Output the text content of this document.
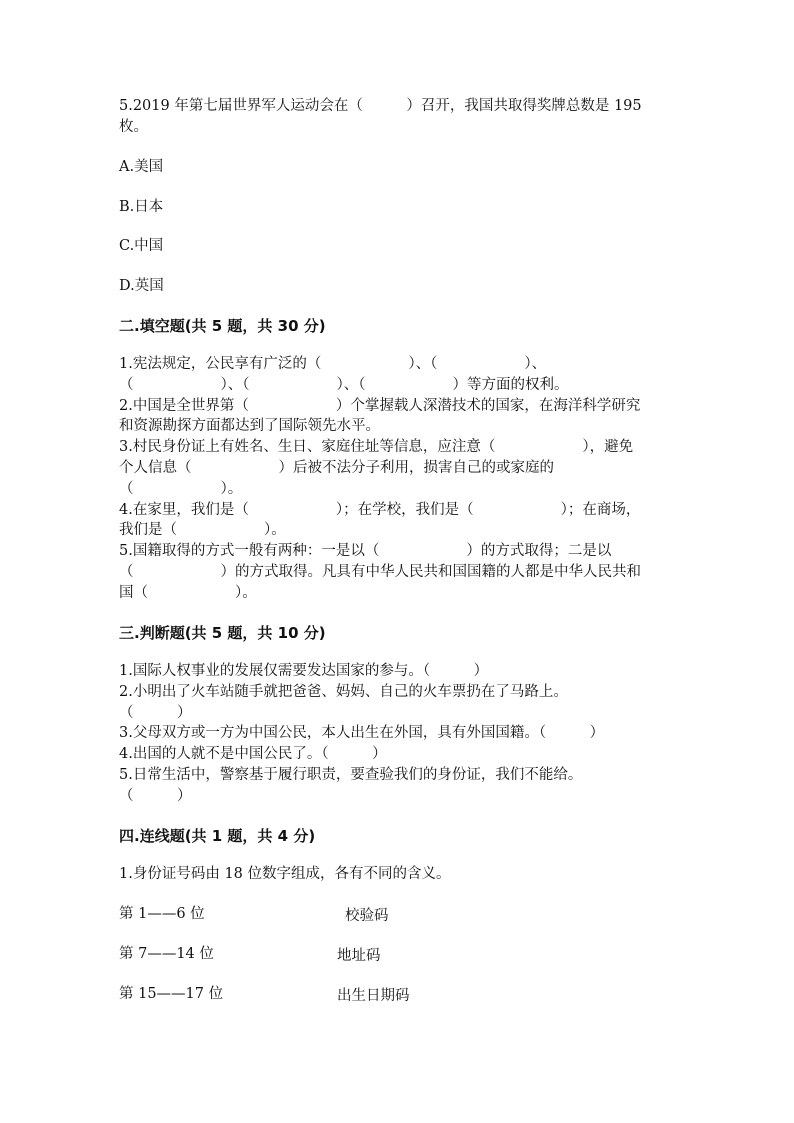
5.2019 年第七届世界军人运动会在（　　　）召开，我国共取得奖牌总数是 195
枚。
A.美国
B.日本
C.中国
D.英国
二.填空题(共 5 题，共 30 分)
1.宪法规定，公民享有广泛的（　　　　　　）、（　　　　　　）、
（　　　　　　）、（　　　　　　）、（　　　　　　）等方面的权利。
2.中国是全世界第（　　　　　　）个掌握载人深潜技术的国家，在海洋科学研究
和资源勘探方面都达到了国际领先水平。
3.村民身份证上有姓名、生日、家庭住址等信息，应注意（　　　　　　），避免
个人信息（　　　　　　）后被不法分子利用，损害自己的或家庭的
（　　　　　　）。
4.在家里，我们是（　　　　　　）；在学校，我们是（　　　　　　）；在商场，
我们是（　　　　　　）。
5.国籍取得的方式一般有两种：一是以（　　　　　　）的方式取得；二是以
（　　　　　　）的方式取得。凡具有中华人民共和国国籍的人都是中华人民共和
国（　　　　　　）。
三.判断题(共 5 题，共 10 分)
1.国际人权事业的发展仅需要发达国家的参与。（　　　）
2.小明出了火车站随手就把爸爸、妈妈、自己的火车票扔在了马路上。
（　　　）
3.父母双方或一方为中国公民，本人出生在外国，具有外国国籍。（　　　）
4.出国的人就不是中国公民了。（　　　）
5.日常生活中，警察基于履行职责，要查验我们的身份证，我们不能给。
（　　　）
四.连线题(共 1 题，共 4 分)
1.身份证号码由 18 位数字组成，各有不同的含义。
第 1——6 位	校验码
第 7——14 位	地址码
第 15——17 位	出生日期码
